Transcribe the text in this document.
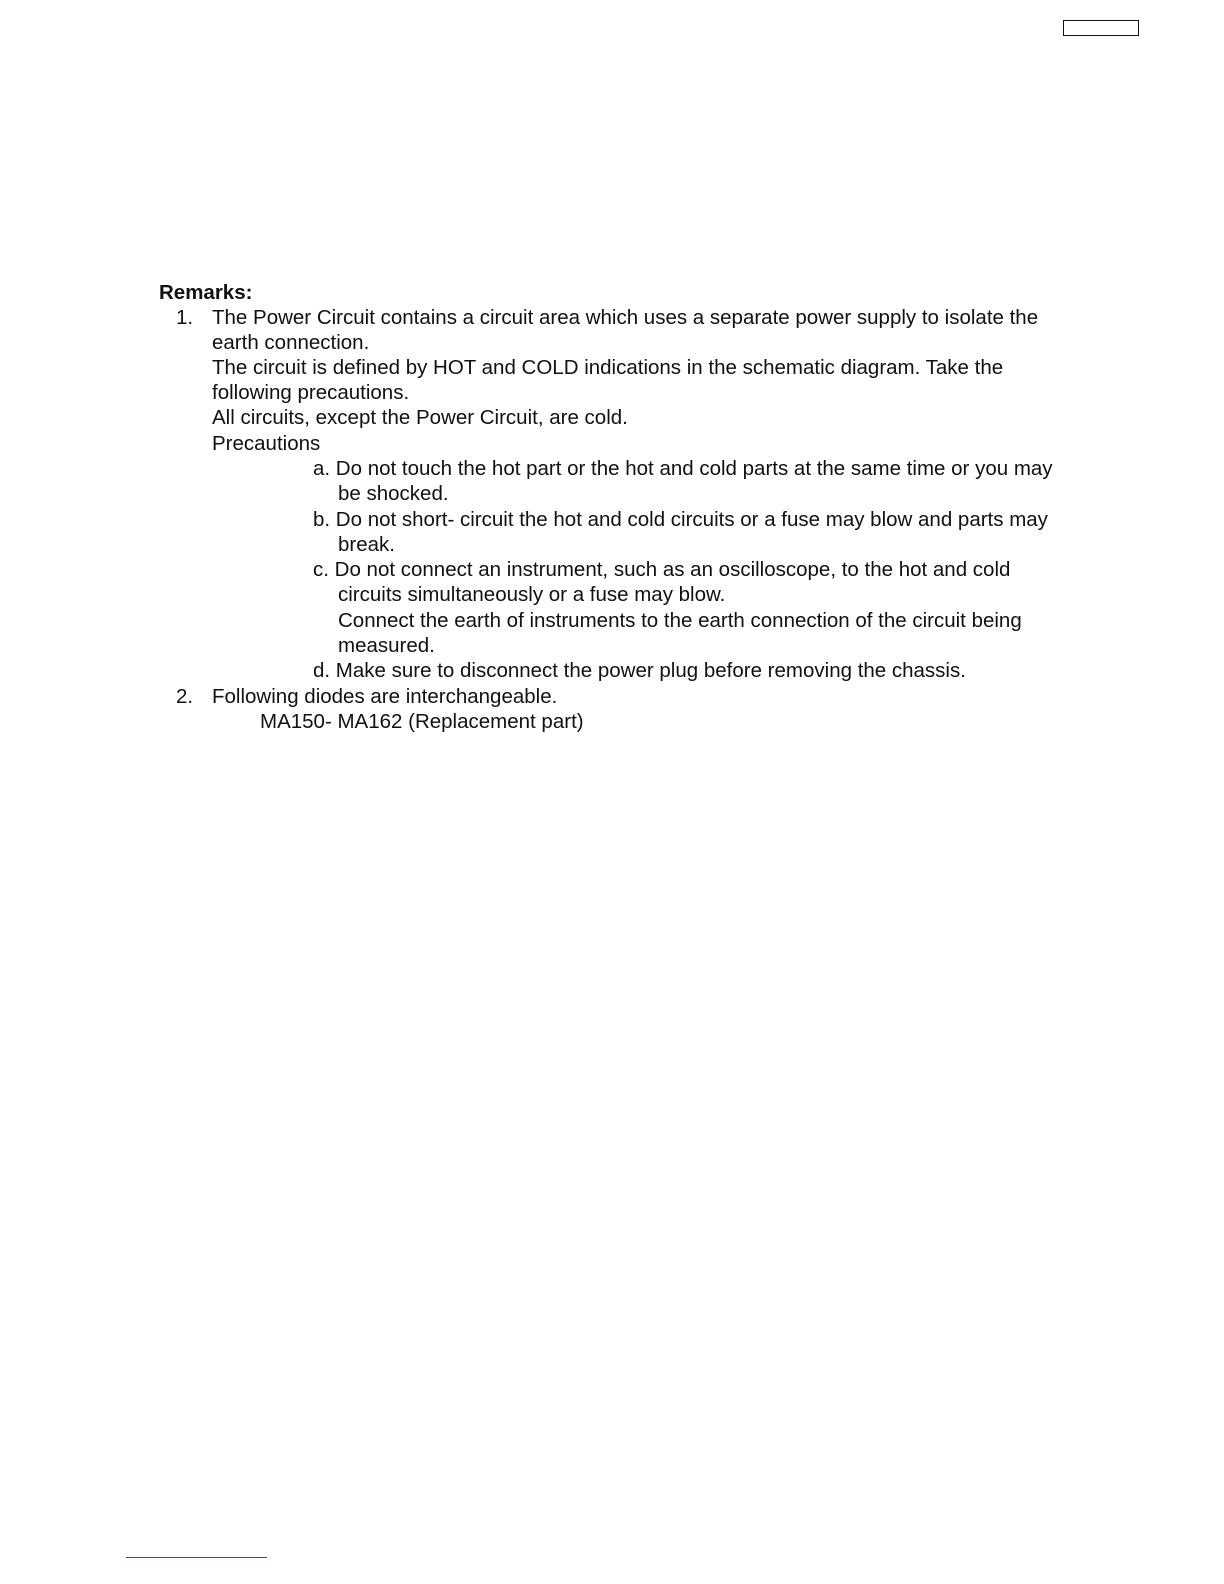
Remarks:
1. The Power Circuit contains a circuit area which uses a separate power supply to isolate the
earth connection.
The circuit is defined by HOT and COLD indications in the schematic diagram. Take the
following precautions.
All circuits, except the Power Circuit, are cold.
Precautions
a. Do not touch the hot part or the hot and cold parts at the same time or you may
be shocked.
b. Do not short- circuit the hot and cold circuits or a fuse may blow and parts may
break.
c. Do not connect an instrument, such as an oscilloscope, to the hot and cold
circuits simultaneously or a fuse may blow.
Connect the earth of instruments to the earth connection of the circuit being
measured.
d. Make sure to disconnect the power plug before removing the chassis.
2. Following diodes are interchangeable.
MA150- MA162 (Replacement part)
